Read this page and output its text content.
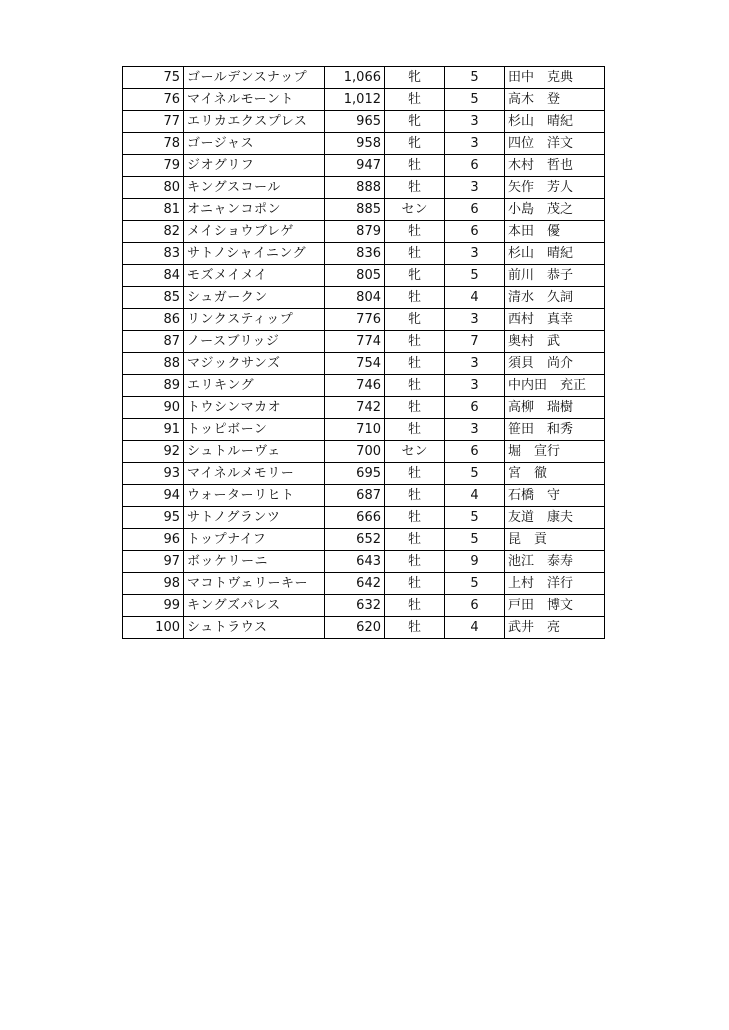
75	ゴールデンスナップ	1,066	牝	5	田中　克典
76	マイネルモーント	1,012	牡	5	高木　登
77	エリカエクスプレス	965	牝	3	杉山　晴紀
78	ゴージャス	958	牝	3	四位　洋文
79	ジオグリフ	947	牡	6	木村　哲也
80	キングスコール	888	牡	3	矢作　芳人
81	オニャンコポン	885	セン	6	小島　茂之
82	メイショウブレゲ	879	牡	6	本田　優
83	サトノシャイニング	836	牡	3	杉山　晴紀
84	モズメイメイ	805	牝	5	前川　恭子
85	シュガークン	804	牡	4	清水　久詞
86	リンクスティップ	776	牝	3	西村　真幸
87	ノースブリッジ	774	牡	7	奥村　武
88	マジックサンズ	754	牡	3	須貝　尚介
89	エリキング	746	牡	3	中内田　充正
90	トウシンマカオ	742	牡	6	高柳　瑞樹
91	トッピボーン	710	牡	3	笹田　和秀
92	シュトルーヴェ	700	セン	6	堀　宣行
93	マイネルメモリー	695	牡	5	宮　徹
94	ウォーターリヒト	687	牡	4	石橋　守
95	サトノグランツ	666	牡	5	友道　康夫
96	トップナイフ	652	牡	5	昆　貢
97	ボッケリーニ	643	牡	9	池江　泰寿
98	マコトヴェリーキー	642	牡	5	上村　洋行
99	キングズパレス	632	牡	6	戸田　博文
100	シュトラウス	620	牡	4	武井　亮
